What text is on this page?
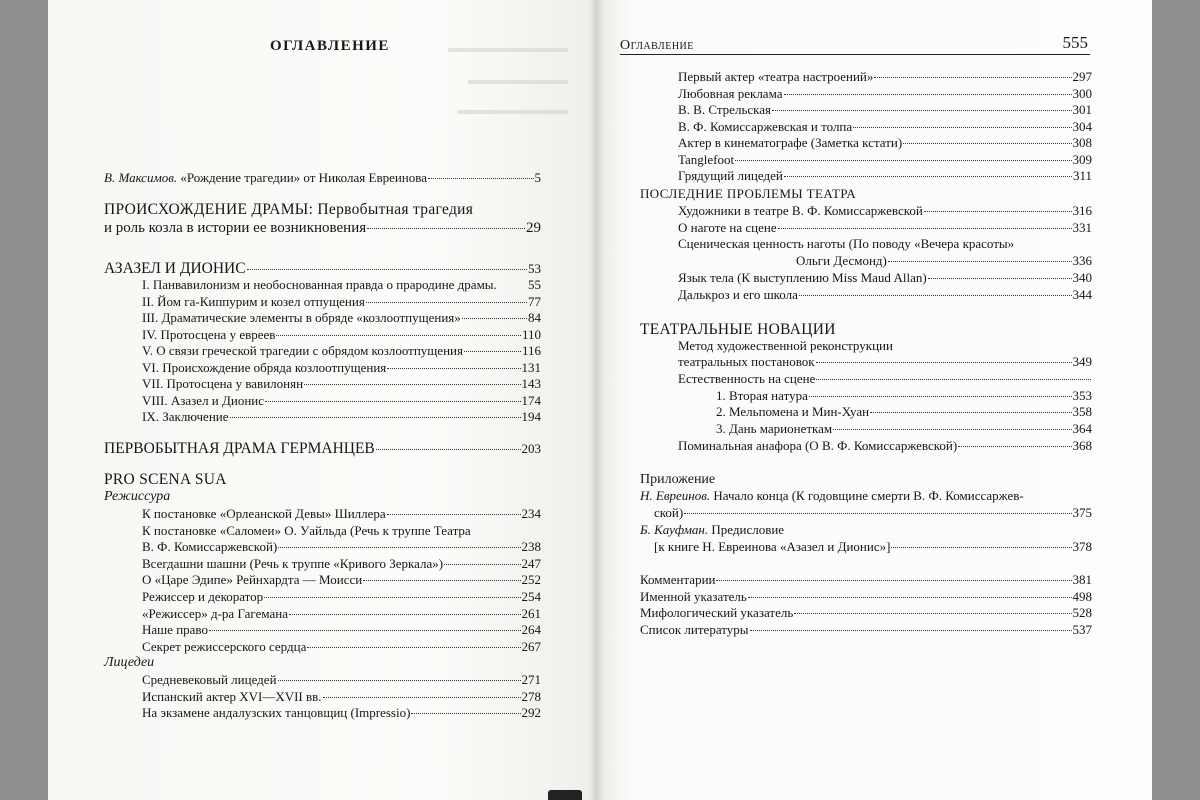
ОГЛАВЛЕНИЕ
В. Максимов. «Рождение трагедии» от Николая Евреинова	5
ПРОИСХОЖДЕНИЕ ДРАМЫ: Первобытная трагедия
и роль козла в истории ее возникновения	29
АЗАЗЕЛ И ДИОНИС	53
I. Панвавилонизм и необоснованная правда о прародине драмы. 55
II. Йом га-Киппурим и козел отпущения	77
III. Драматические элементы в обряде «козлоотпущения»	84
IV. Протосцена у евреев	110
V. О связи греческой трагедии с обрядом козлоотпущения	116
VI. Происхождение обряда козлоотпущения	131
VII. Протосцена у вавилонян	143
VIII. Азазел и Дионис	174
IX. Заключение	194
ПЕРВОБЫТНАЯ ДРАМА ГЕРМАНЦЕВ	203
PRO SCENA SUA
Режиссура
К постановке «Орлеанской Девы» Шиллера	234
К постановке «Саломеи» О. Уайльда (Речь к труппе Театра
В. Ф. Комиссаржевской)	238
Всегдашни шашни (Речь к труппе «Кривого Зеркала»)	247
О «Царе Эдипе» Рейнхардта — Моисси	252
Режиссер и декоратор	254
«Режиссер» д-ра Гагемана	261
Наше право	264
Секрет режиссерского сердца	267
Лицедеи
Средневековый лицедей	271
Испанский актер XVI—XVII вв.	278
На экзамене андалузских танцовщиц (Impressio)	292
Оглавление	555
Первый актер «театра настроений»	297
Любовная реклама	300
В. В. Стрельская	301
В. Ф. Комиссаржевская и толпа	304
Актер в кинематографе (Заметка кстати)	308
Tanglefoot	309
Грядущий лицедей	311
ПОСЛЕДНИЕ ПРОБЛЕМЫ ТЕАТРА
Художники в театре В. Ф. Комиссаржевской	316
О наготе на сцене	331
Сценическая ценность наготы (По поводу «Вечера красоты»
Ольги Десмонд)	336
Язык тела (К выступлению Miss Maud Allan)	340
Далькроз и его школа	344
ТЕАТРАЛЬНЫЕ НОВАЦИИ
Метод художественной реконструкции
театральных постановок	349
Естественность на сцене
1. Вторая натура	353
2. Мельпомена и Мин-Хуан	358
3. Дань марионеткам	364
Поминальная анафора (О В. Ф. Комиссаржевской)	368
Приложение
Н. Евреинов. Начало конца (К годовщине смерти В. Ф. Комиссаржев-
ской)	375
Б. Кауфман. Предисловие
[к книге Н. Евреинова «Азазел и Дионис»]	378
Комментарии	381
Именной указатель	498
Мифологический указатель	528
Список литературы	537
